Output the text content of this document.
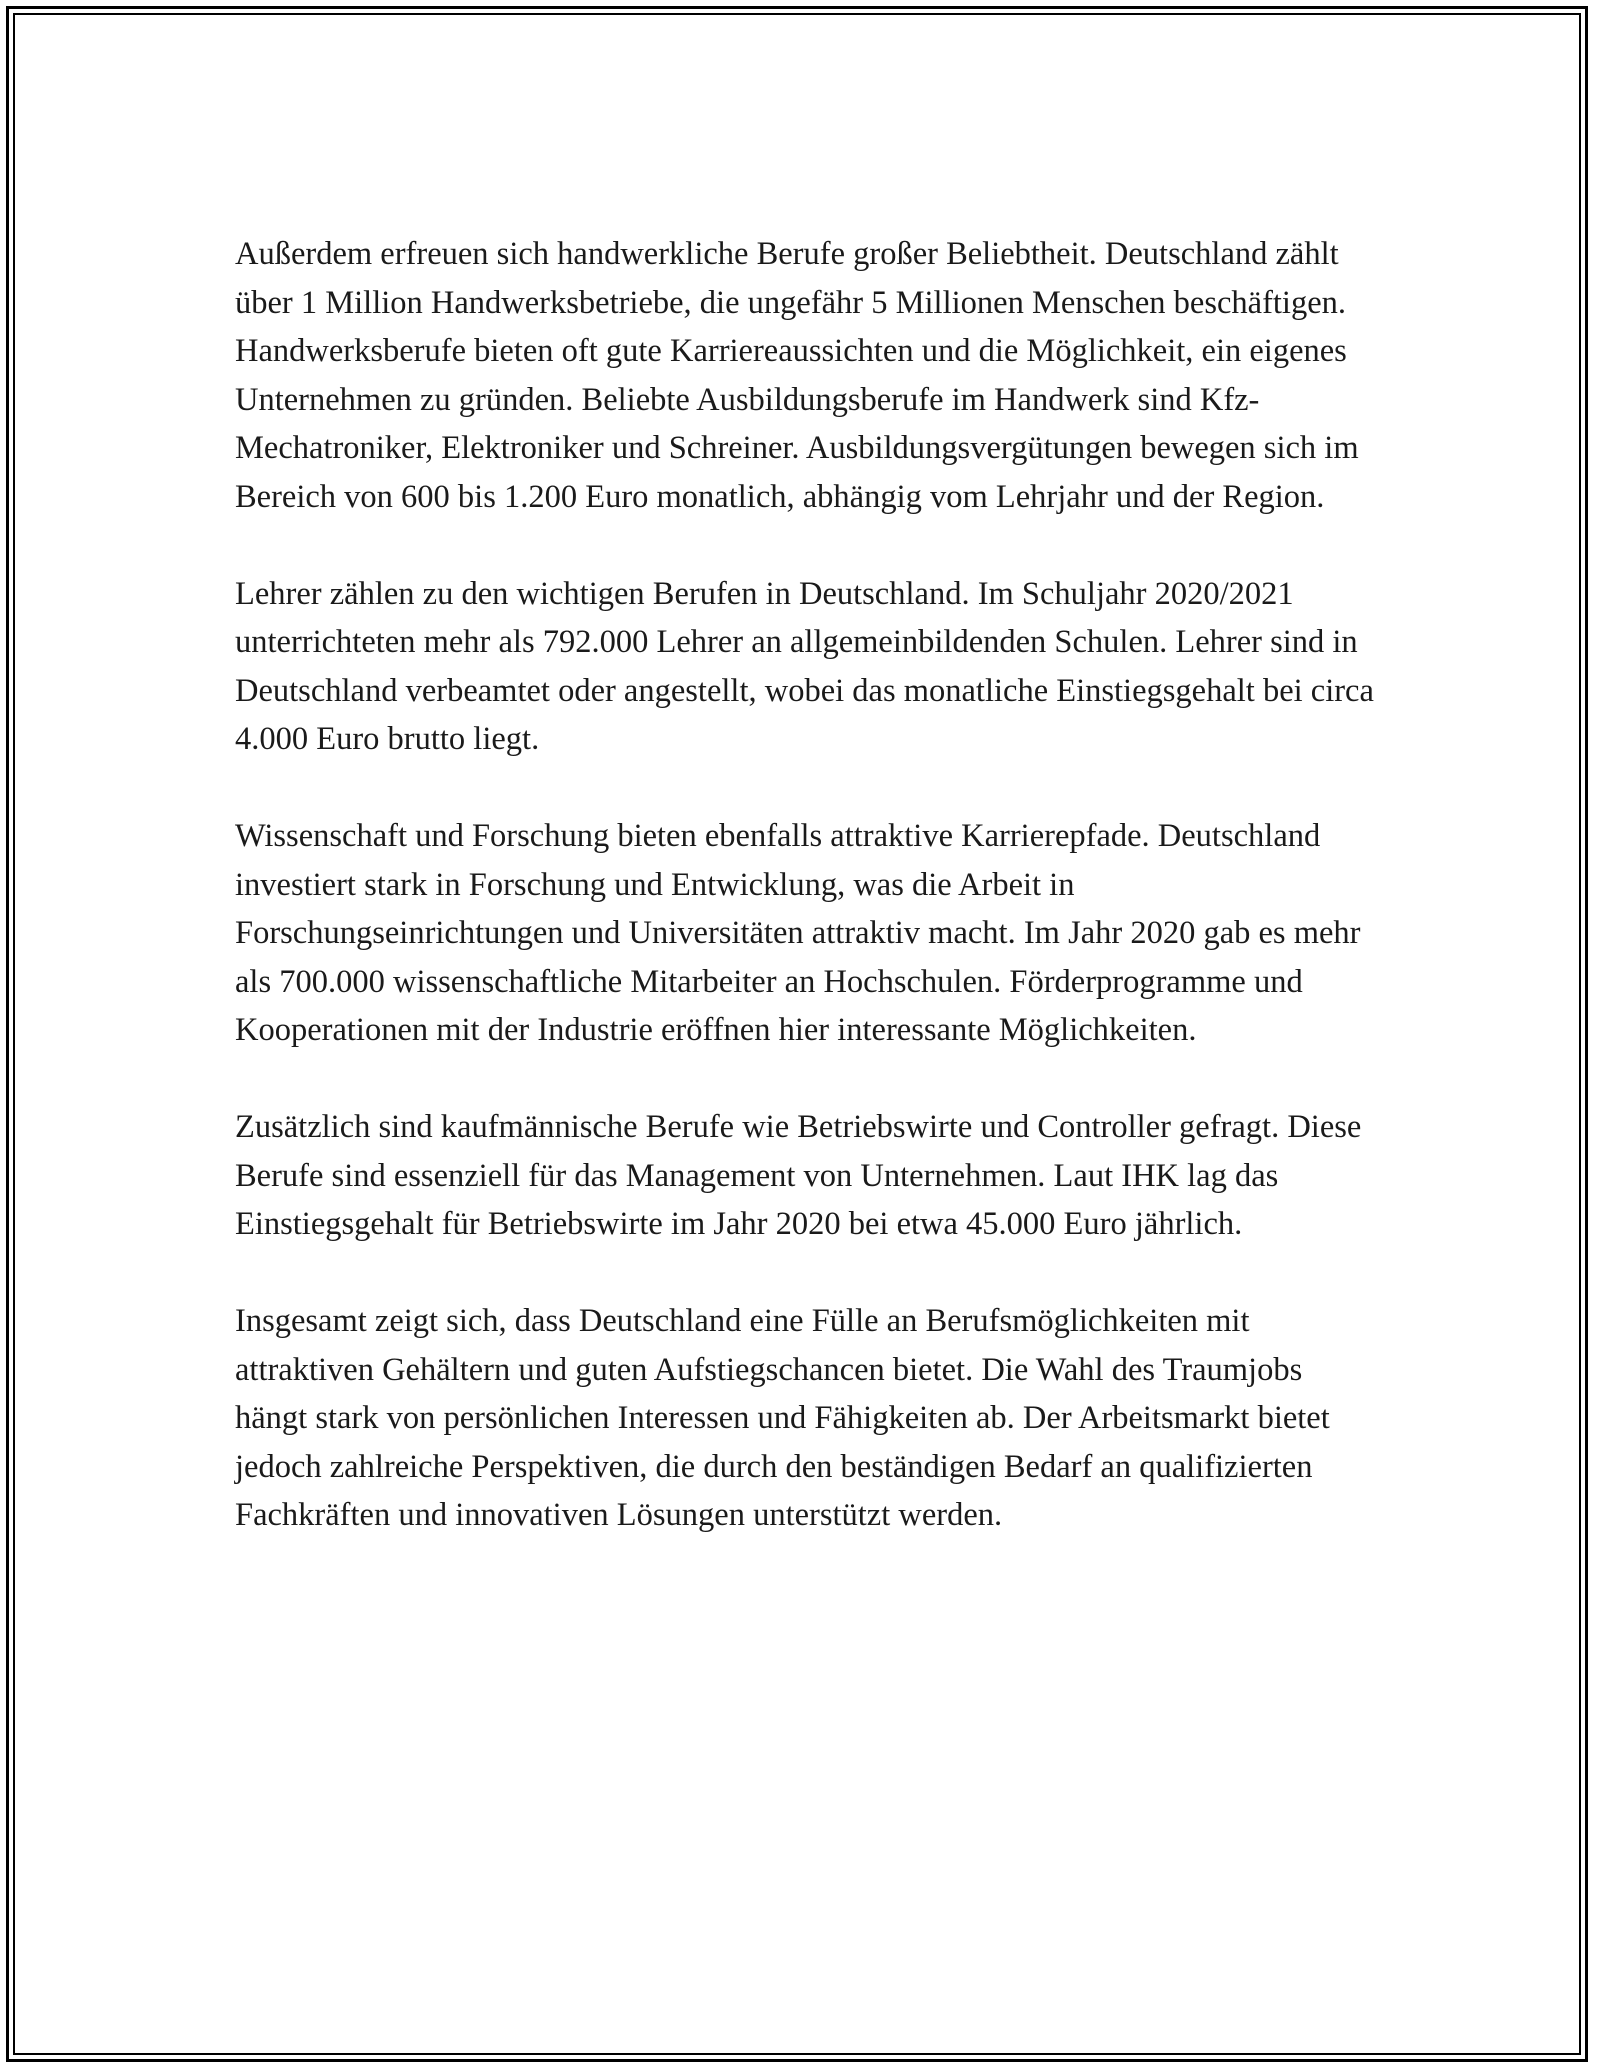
Außerdem erfreuen sich handwerkliche Berufe großer Beliebtheit. Deutschland zählt über 1 Million Handwerksbetriebe, die ungefähr 5 Millionen Menschen beschäftigen. Handwerksberufe bieten oft gute Karriereaussichten und die Möglichkeit, ein eigenes Unternehmen zu gründen. Beliebte Ausbildungsberufe im Handwerk sind Kfz-Mechatroniker, Elektroniker und Schreiner. Ausbildungsvergütungen bewegen sich im Bereich von 600 bis 1.200 Euro monatlich, abhängig vom Lehrjahr und der Region.

Lehrer zählen zu den wichtigen Berufen in Deutschland. Im Schuljahr 2020/2021 unterrichteten mehr als 792.000 Lehrer an allgemeinbildenden Schulen. Lehrer sind in Deutschland verbeamtet oder angestellt, wobei das monatliche Einstiegsgehalt bei circa 4.000 Euro brutto liegt.

Wissenschaft und Forschung bieten ebenfalls attraktive Karrierepfade. Deutschland investiert stark in Forschung und Entwicklung, was die Arbeit in Forschungseinrichtungen und Universitäten attraktiv macht. Im Jahr 2020 gab es mehr als 700.000 wissenschaftliche Mitarbeiter an Hochschulen. Förderprogramme und Kooperationen mit der Industrie eröffnen hier interessante Möglichkeiten.

Zusätzlich sind kaufmännische Berufe wie Betriebswirte und Controller gefragt. Diese Berufe sind essenziell für das Management von Unternehmen. Laut IHK lag das Einstiegsgehalt für Betriebswirte im Jahr 2020 bei etwa 45.000 Euro jährlich.

Insgesamt zeigt sich, dass Deutschland eine Fülle an Berufsmöglichkeiten mit attraktiven Gehältern und guten Aufstiegschancen bietet. Die Wahl des Traumjobs hängt stark von persönlichen Interessen und Fähigkeiten ab. Der Arbeitsmarkt bietet jedoch zahlreiche Perspektiven, die durch den beständigen Bedarf an qualifizierten Fachkräften und innovativen Lösungen unterstützt werden.
